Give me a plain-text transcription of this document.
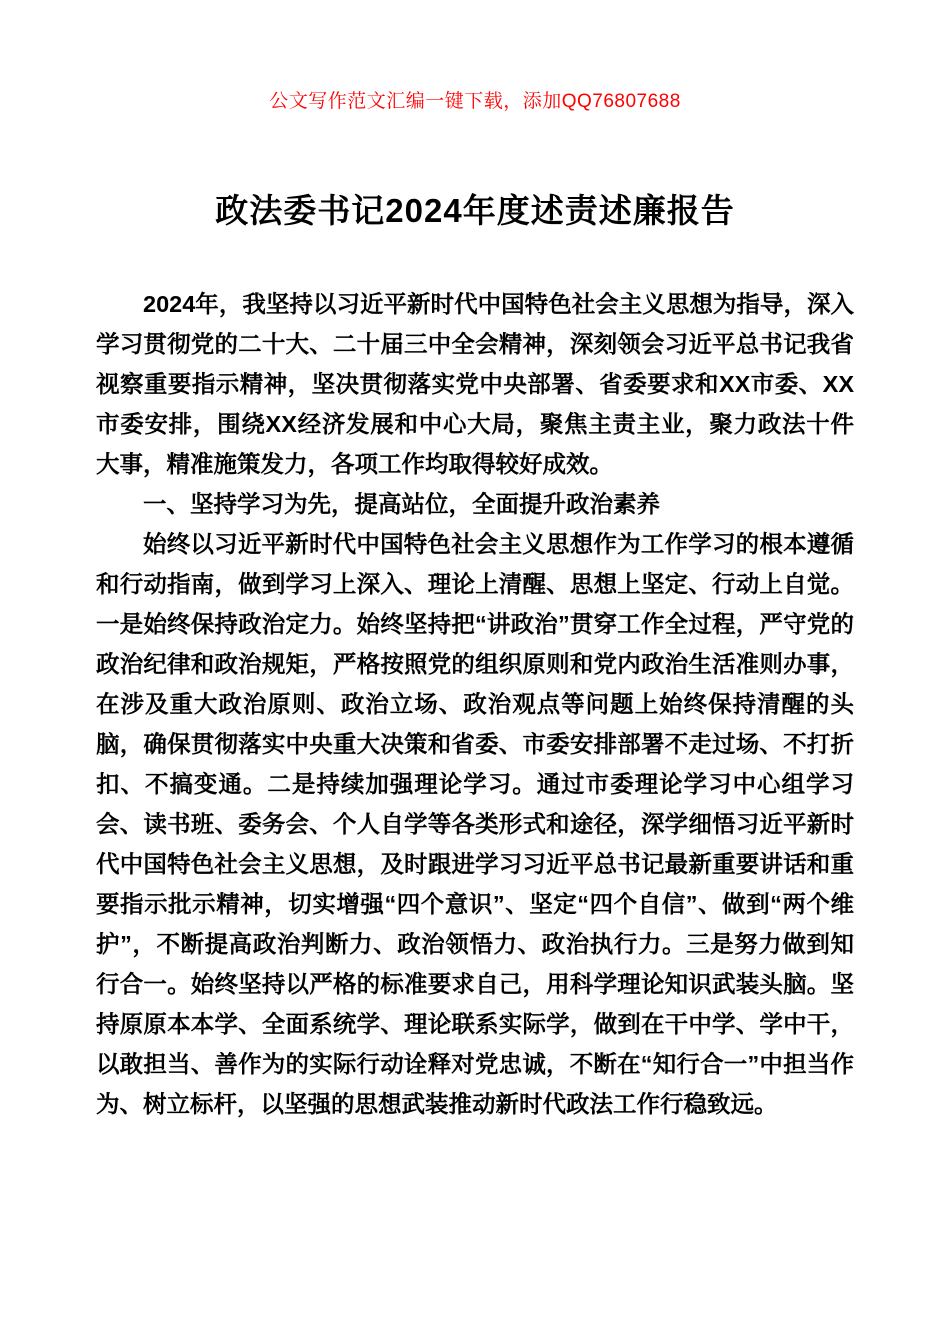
公文写作范文汇编一键下载，添加QQ76807688
政法委书记2024年度述责述廉报告

2024年，我坚持以习近平新时代中国特色社会主义思想为指导，深入学习贯彻党的二十大、二十届三中全会精神，深刻领会习近平总书记我省视察重要指示精神，坚决贯彻落实党中央部署、省委要求和XX市委、XX市委安排，围绕XX经济发展和中心大局，聚焦主责主业，聚力政法十件大事，精准施策发力，各项工作均取得较好成效。

一、坚持学习为先，提高站位，全面提升政治素养

始终以习近平新时代中国特色社会主义思想作为工作学习的根本遵循和行动指南，做到学习上深入、理论上清醒、思想上坚定、行动上自觉。一是始终保持政治定力。始终坚持把“讲政治”贯穿工作全过程，严守党的政治纪律和政治规矩，严格按照党的组织原则和党内政治生活准则办事，在涉及重大政治原则、政治立场、政治观点等问题上始终保持清醒的头脑，确保贯彻落实中央重大决策和省委、市委安排部署不走过场、不打折扣、不搞变通。二是持续加强理论学习。通过市委理论学习中心组学习会、读书班、委务会、个人自学等各类形式和途径，深学细悟习近平新时代中国特色社会主义思想，及时跟进学习习近平总书记最新重要讲话和重要指示批示精神，切实增强“四个意识”、坚定“四个自信”、做到“两个维护”，不断提高政治判断力、政治领悟力、政治执行力。三是努力做到知行合一。始终坚持以严格的标准要求自己，用科学理论知识武装头脑。坚持原原本本学、全面系统学、理论联系实际学，做到在干中学、学中干，以敢担当、善作为的实际行动诠释对党忠诚，不断在“知行合一”中担当作为、树立标杆，以坚强的思想武装推动新时代政法工作行稳致远。
